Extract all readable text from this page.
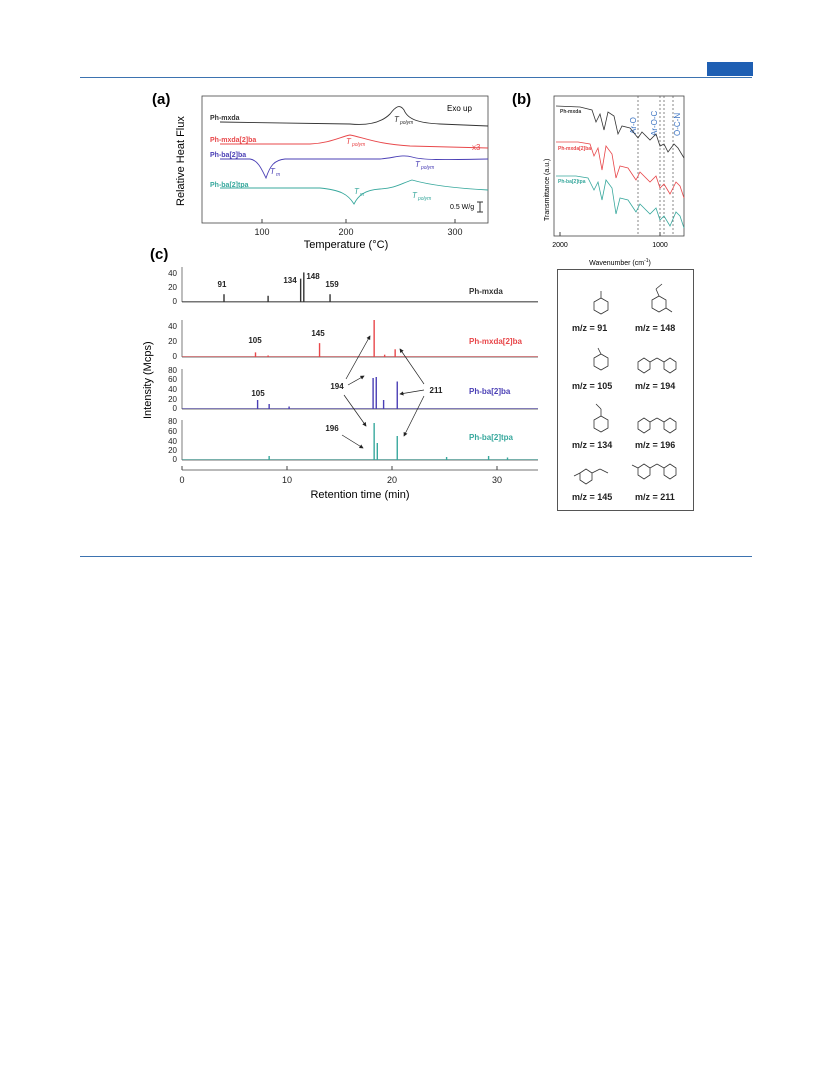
(a)
Relative Heat Flux
Exo up
0.5 W/g
100	200	300
Temperature (°C)
Ph-mxda
Ph-mxda[2]ba
Ph-ba[2]ba
Ph-ba[2]tpa
x3
T polym
T polym
T m
T polym
T m	T polym
(b)
Transmittance (a.u.)
Ar-O Ar-O-C O-C-N
Ph-mxda
Ph-mxda[2]ba
Ph-ba[2]tpa
2000	1000
Wavenumber $(cm^{-1})$
(c)
Intensity (Mcps)
40
20
0
40
20
0
80
60
40
20
0
80
60
40
20
0
0	10	20	30
Retention time (min)
Ph-mxda
Ph-mxda[2]ba
Ph-ba[2]ba
Ph-ba[2]tpa
91	134 148
159
105
145
105
194	211
196
m/z = 91	m/z = 148
m/z = 105	m/z = 194
m/z = 134	m/z = 196
m/z = 145	m/z = 211
